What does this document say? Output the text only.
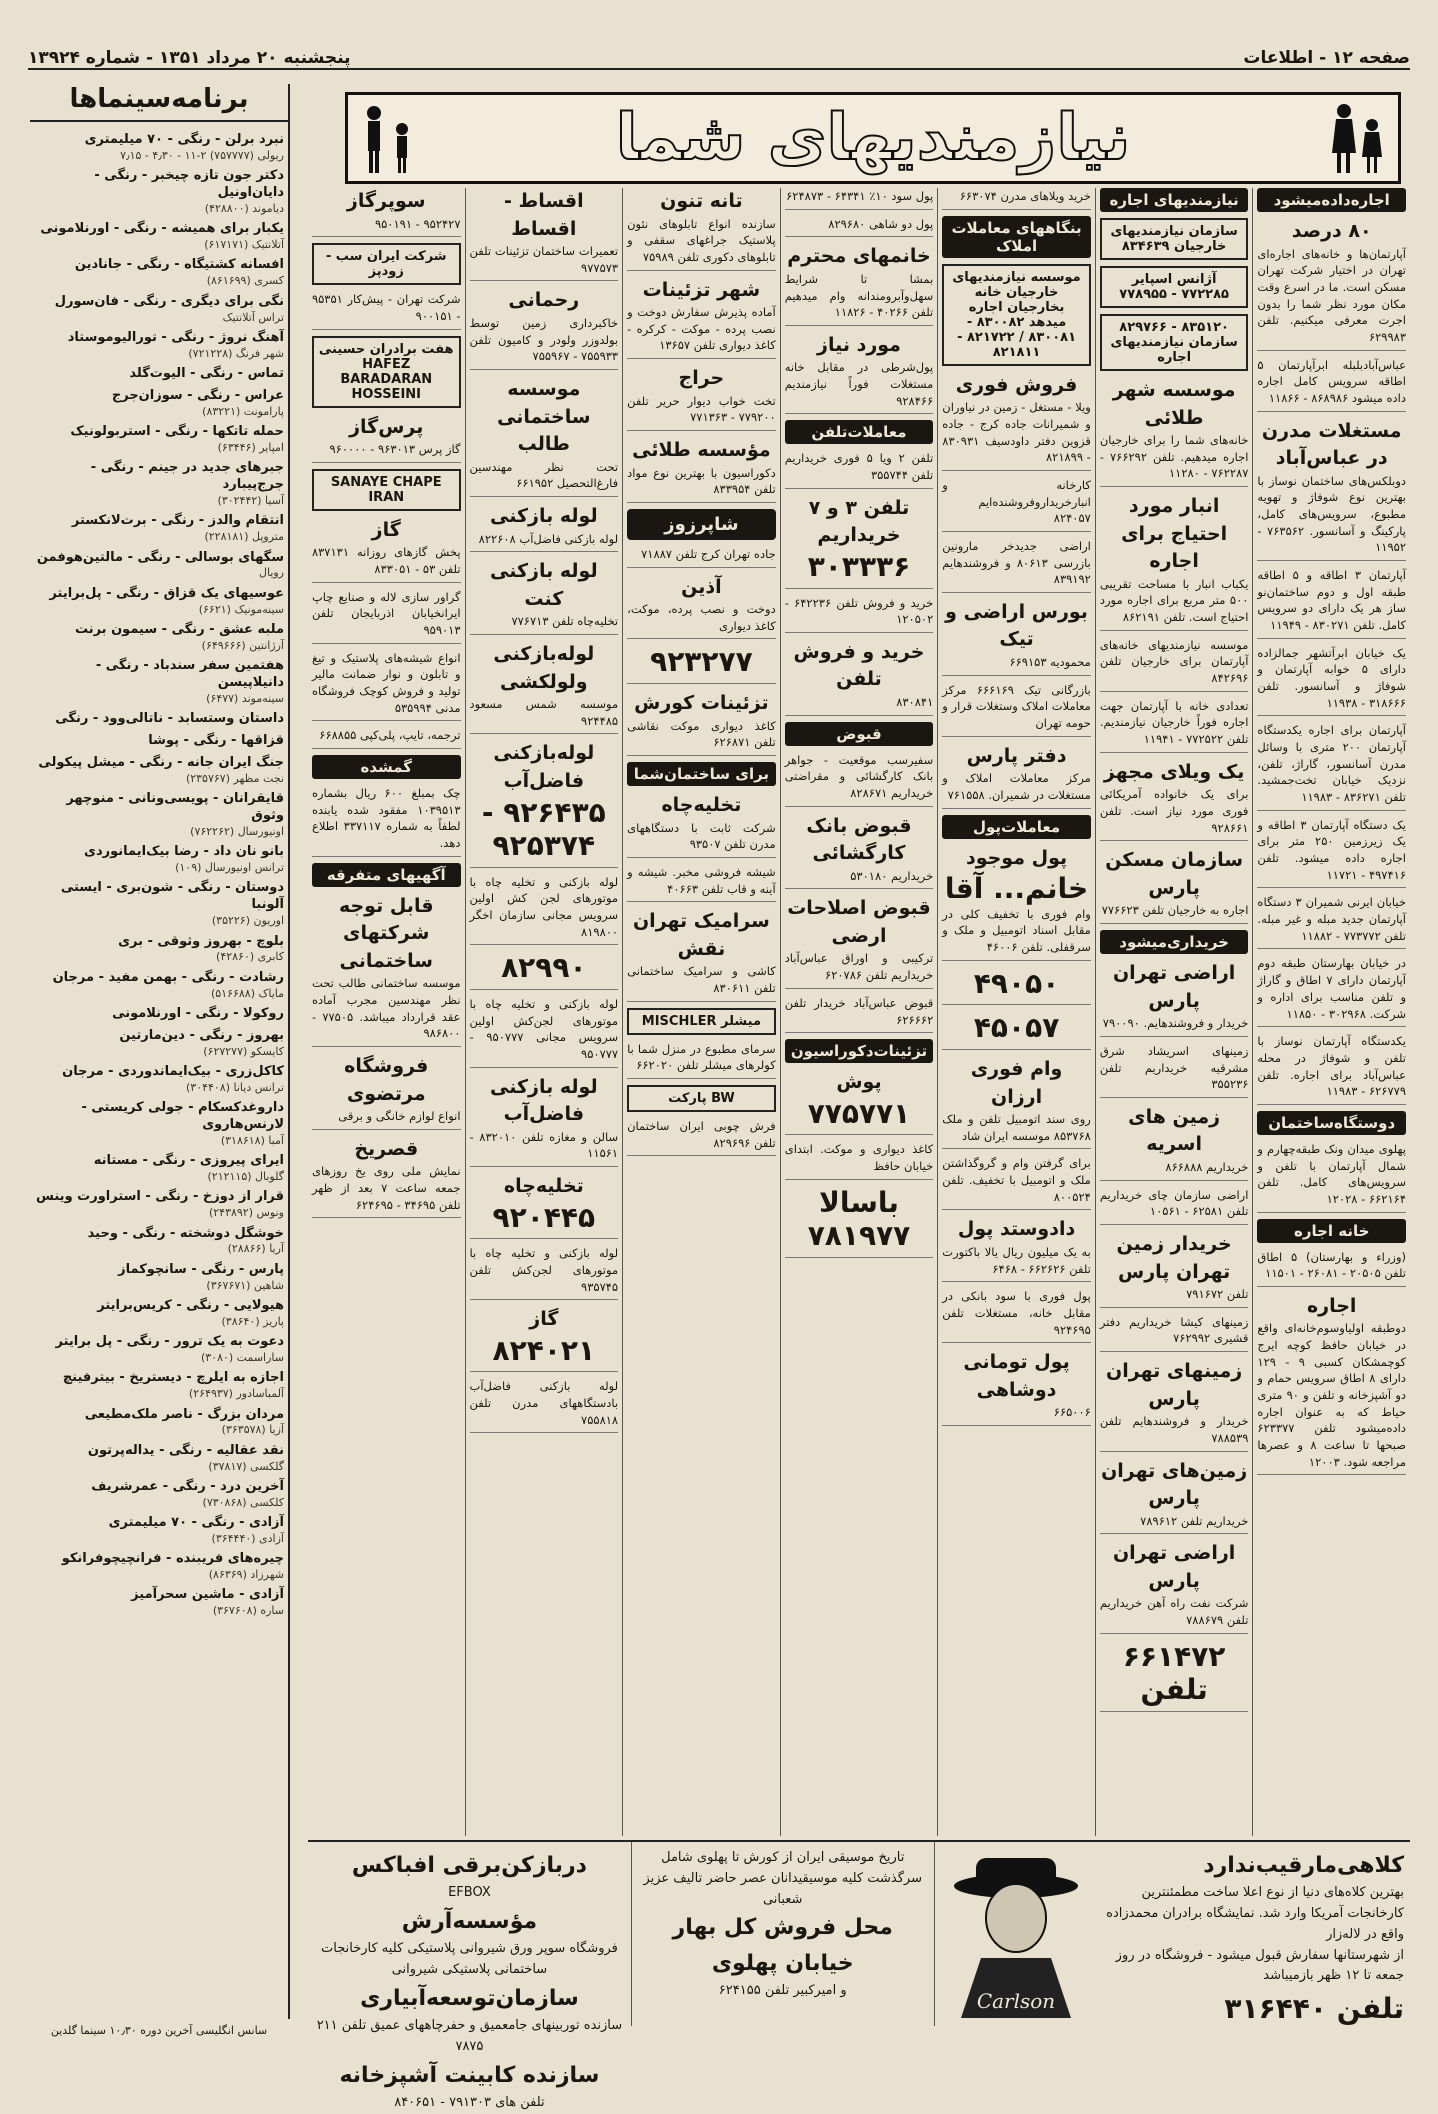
صفحه ۱۲ - اطلاعات
پنجشنبه ۲۰ مرداد ۱۳۵۱ - شماره ۱۳۹۲۴
برنامه‌سینماها
نبرد برلن - رنگی - ۷۰ میلیمتری
ریولی (۷۵۷۷۷۷) ۲-۱۱ - ۴٫۳۰ - ۷٫۱۵
دکتر جون تازه چیخبر - رنگی - دایان‌اونیل
دیاموند (۴۲۸۸۰۰)
یکبار برای همیشه - رنگی - اورنلامونی
آتلانتیک (۶۱۷۱۷۱)
افسانه کشتیگاه - رنگی - جانادین
کسری (۸۶۱۶۹۹)
نگی برای دیگری - رنگی - فان‌سورل
تراس آتلانتیک
آهنگ نروژ - رنگی - تورالیوموستاد
شهر فرنگ (۷۲۱۲۲۸)
تماس - رنگی - الیوت‌گلد
عراس - رنگی - سوزان‌جرج
پارامونت (۸۳۲۲۱)
حمله تاتکها - رنگی - استربولونیک
امپایر (۶۳۴۴۶)
جبرهای جدید در جینم - رنگی - جرج‌پیبارد
آسیا (۳۰۲۴۴۲)
انتقام والدز - رنگی - برت‌لانکستر
متروپل (۲۲۸۱۸۱)
سگهای بوسالی - رنگی - مالتین‌هوفمن
رویال
عوسیهای یک قزاق - رنگی - پل‌برایتر
سینه‌مونیک (۶۶۲۱)
ملبه عشق - رنگی - سیمون برنت
آرژانتین (۶۴۹۶۶۶)
هفتمین سفر سندباد - رنگی - دانیلاپیسن
سینه‌موند (۶۴۷۷)
داستان وستسابد - ناتالی‌وود - رنگی
قزاقها - رنگی - پوشا
جنگ ایران جانه - رنگی - میشل پیکولی
نجت مظهر (۲۳۵۷۶۷)
قایقرانان - پویسی‌ونانی - منوچهر وثوق
اونیورسال (۷۶۲۲۶۲)
بانو نان داد - رضا بیک‌ایمانوردی
ترانس اونیورسال (۱۰۹)
دوستان - رنگی - شون‌بری - ایستی آلونبا
اوریون (۳۵۲۲۶)
بلوچ - بهروز وثوقی - بری
کابری (۴۲۸۶۰)
رشادت - رنگی - بهمن مفید - مرجان
مایاک (۵۱۶۶۸۸)
روکولا - رنگی - اورنلامونی
بهروز - رنگی - دین‌مارتین
کایسکو (۶۲۷۲۷۷)
کاکل‌زری - بیک‌ایماندوردی - مرجان
ترانس دیانا (۳۰۴۴۰۸)
داروغدکسکام - جولی کریستی - لارنس‌هاروی
آمبا (۳۱۸۶۱۸)
ایرای پیروزی - رنگی - مستانه
گلوبال (۲۱۲۱۱۵)
قرار از دوزخ - رنگی - استراورت وینس
ونوس (۲۴۳۸۹۲)
خوشگل دوشخته - رنگی - وحید
آریا (۲۸۸۶۶)
پارس - رنگی - سانچوکماز
شاهین (۳۶۷۶۷۱)
هیولایی - رنگی - کریس‌برایتر
پاریز (۳۸۶۴۰)
دعوت به یک ترور - رنگی - پل برایتر
ساراسمت (۳۰۸۰)
اجازه به ایلرچ - دیستریخ - بیترفینچ
آلمباسادور (۲۶۴۹۳۷)
مردان بزرگ - ناصر ملک‌مطیعی
آزیا (۳۶۳۵۷۸)
نقد عقالیه - رنگی - یداله‌پرتون
گلکسی (۳۷۸۱۷)
آخرین درد - رنگی - عمرشریف
کلکسی (۷۳۰۸۶۸)
آزادی - رنگی - ۷۰ میلیمتری
آزادی (۳۶۴۴۴۰)
چیره‌های فریبنده - فرانچیچوفرانکو
شهرزاد (۸۶۳۶۹)
آزادی - ماشین سحرآمیز
ساره (۳۶۷۶۰۸)
سانس انگلیسی آخرین دوره ۱۰٫۳۰ سینما گلدین
نیازمندیهای شما
اجاره‌داده‌میشود
۸۰ درصد
آپارتمان‌ها و خانه‌های اجاره‌ای تهران در اختیار شرکت تهران مسکن است. ما در اسرع وقت مکان مورد نظر شما را بدون اجرت معرفی میکنیم. تلفن ۶۲۹۹۸۳
عباس‌آباد‌بلبله ابرآپارتمان ۵ اطاقه سرویس کامل اجاره داده میشود ۸۶۸۹۸۶ - ۱۱۸۶۶
مستغلات مدرن در عباس‌آباد
دوبلکس‌های ساختمان نوساز با بهترین نوع شوفاژ و تهویه مطبوع، سرویس‌های کامل، پارکینگ و آسانسور. ۷۶۳۵۶۲ - ۱۱۹۵۲
آپارتمان ۳ اطاقه و ۵ اطاقه طبقه اول و دوم ساختمان‌نو ساز هر یک دارای دو سرویس کامل. تلفن ۸۳۰۲۷۱ - ۱۱۹۴۹
یک خیابان ابرآتشهر جمالزاده دارای ۵ خوابه آپارتمان و شوفاژ و آسانسور. تلفن ۳۱۸۶۶۶ - ۱۱۹۳۸
آپارتمان برای اجاره یکدستگاه آپارتمان ۲۰۰ متری با وسائل مدرن آسانسور، گاراژ، تلفن، نزدیک خیابان تخت‌جمشید. تلفن ۸۳۶۲۷۱ - ۱۱۹۸۳
یک دستگاه آپارتمان ۳ اطاقه و یک زیرزمین ۲۵۰ متر برای اجاره داده میشود. تلفن ۴۹۷۴۱۶ - ۱۱۷۲۱
خیابان ایرنی شمیران ۳ دستگاه آپارتمان جدید مبله و غیر مبله. تلفن ۷۷۳۷۷۲ - ۱۱۸۸۲
در خیابان بهارستان طبقه دوم آپارتمان دارای ۷ اطاق و گاراژ و تلفن مناسب برای اداره و شرکت. ۳۰۲۹۶۸ - ۱۱۸۵۰
یکدستگاه آپارتمان نوساز با تلفن و شوفاژ در محله عباس‌آباد برای اجاره. تلفن ۶۲۶۷۷۹ - ۱۱۹۸۳
دوستگاه‌ساختمان
پهلوی میدان ونک طبقه‌چهارم و شمال آپارتمان با تلفن و سرویس‌های کامل. تلفن ۶۶۲۱۶۴ - ۱۲۰۲۸
خانه اجاره
(وزراء و بهارستان) ۵ اطاق تلفن ۲۰۵۰۵ - ۲۶۰۸۱ - ۱۱۵۰۱
اجاره
دوطبقه اولیاوسوم‌خانه‌ای واقع در خیابان حافظ کوچه ایرج کوچمشکان کسبی ۹ - ۱۲۹ دارای ۸ اطاق سرویس حمام و دو آشپزخانه و تلفن و ۹۰ متری حیاط که به عنوان اجاره داده‌میشود تلفن ۶۲۳۳۷۷ صبحها تا ساعت ۸ و عصرها مراجعه شود. ۱۲۰۰۳
نیازمندیهای اجاره
سازمان نیازمندیهای خارجیان ۸۳۴۶۳۹
آژانس اسپایر ۷۷۲۲۸۵ - ۷۷۸۹۵۵
۸۳۵۱۲۰ - ۸۲۹۷۶۶ سازمان نیازمندیهای اجاره
موسسه شهر طلائی
خانه‌های شما را برای خارجیان اجاره میدهیم. تلفن ۷۶۶۲۹۲ - ۷۶۲۲۸۷ - ۱۱۲۸۰
انبار مورد احتیاج برای اجاره
یکباب انبار با مساحت تقریبی ۵۰۰ متر مربع برای اجاره مورد احتیاج است. تلفن ۸۶۲۱۹۱
موسسه نیازمندیهای خانه‌های آپارتمان برای خارجیان تلفن ۸۴۲۶۹۶
تعدادی خانه با آپارتمان جهت اجاره فوراً خارجیان نیازمندیم. تلفن ۷۷۲۵۲۲ - ۱۱۹۴۱
یک ویلای مجهز
برای یک خانواده آمریکائی فوری مورد نیاز است. تلفن ۹۲۸۶۶۱
سازمان مسکن پارس
اجاره به خارجیان تلفن ۷۷۶۶۲۳
خریداری‌میشود
اراضی تهران پارس
خریدار و فروشندهایم. ۷۹۰۰۹۰
زمینهای اسریشاد شرق مشرقیه خریداریم تلفن ۳۵۵۲۳۶
زمین های اسریه
خریداریم ۸۶۶۸۸۸
اراضی سازمان چای خریداریم تلفن ۶۲۵۸۱ - ۱۰۵۶۱
خریدار زمین تهران پارس
تلفن ۷۹۱۶۷۲
زمینهای کیشا خریداریم دفتر قشیری ۷۶۲۹۹۲
زمینهای تهران پارس
خریدار و فروشندهایم تلفن ۷۸۸۵۳۹
زمین‌های تهران پارس
خریداریم تلفن ۷۸۹۶۱۲
اراضی تهران پارس
شرکت نفت راه آهن خریداریم تلفن ۷۸۸۶۷۹
۶۶۱۴۷۲ تلفن
خرید ویلاهای مدرن ۶۶۳۰۷۴
بنگاههای معاملات املاک
موسسه نیازمندیهای خارجیان خانه بخارجیان اجاره میدهد ۸۳۰۰۸۲ - ۸۳۰۰۸۱ / ۸۲۱۷۲۲ - ۸۲۱۸۱۱
فروش فوری
ویلا - مستغل - زمین در نیاوران و شمیرانات جاده کرج - جاده قزوین دفتر داودسیف ۸۳۰۹۳۱ - ۸۲۱۸۹۹
کارخانه و انبارخریداروفروشنده‌ایم ۸۲۴۰۵۷
اراضی جدیدخر مارونین بازرسی ۸۰۶۱۳ و فروشندهایم ۸۳۹۱۹۲
بورس اراضی و تیک
محمودیه ۶۶۹۱۵۳
بازرگانی تیک ۶۶۶۱۶۹ مرکز معاملات املاک وستغلات قرار و حومه تهران
دفتر پارس
مرکز معاملات املاک و مستغلات در شمیران. ۷۶۱۵۵۸
معاملات‌پول
پول موجود
خانم... آقا
وام فوری با تخفیف کلی در مقابل اسناد اتومبیل و ملک و سرقفلی. تلفن ۴۶۰۰۶
۴۹۰۵۰
۴۵۰۵۷
وام فوری ارزان
روی سند اتومبیل تلفن و ملک ۸۵۳۷۶۸ موسسه ایران شاد
برای گرفتن وام و گروگذاشتن ملک و اتومبیل با تخفیف. تلفن ۸۰۰۵۲۴
دادوستد پول
به یک میلیون ریال یالا باکتورت تلفن ۶۶۲۶۲۶ - ۶۴۶۸
پول فوری با سود بانکی در مقابل خانه، مستغلات تلفن ۹۲۴۶۹۵
پول تومانی دوشاهی
۶۶۵۰۰۶
پول سود ۱۰٪ ۶۴۳۴۱ - ۶۲۴۸۷۳
پول دو شاهی ۸۲۹۶۸۰
خانمهای محترم
بمشا تا شرایط سهل‌وآبرومندانه وام میدهیم تلفن ۴۰۲۶۶ - ۱۱۸۲۶
مورد نیاز
پول‌شرطی در مقابل خانه مستغلات فوراً نیازمندیم ۹۲۸۴۶۶
معاملات‌تلفن
تلفن ۲ ویا ۵ فوری خریداریم تلفن ۳۵۵۷۴۴
تلفن ۳ و ۷ خریداریم
۳۰۳۳۳۶
خرید و فروش تلفن ۶۴۲۲۳۶ - ۱۲۰۵۰۲
خرید و فروش تلفن
۸۳۰۸۴۱
قبوض
سفیرسب موقعیت - جواهر بانک کارگشائی و مقراضتی خریداریم ۸۲۸۶۷۱
قبوض بانک کارگشائی
خریداریم ۵۳۰۱۸۰
قبوض اصلاحات ارضی
ترکیبی و اوراق عباس‌آباد خریداریم تلفن ۶۲۰۷۸۶
قبوض عباس‌آباد خریدار تلفن ۶۲۶۶۶۲
تزئینات‌دکوراسیون
پوش
۷۷۵۷۷۱
کاغذ دیواری و موکت. ابتدای خیابان حافظ
باسالا ۷۸۱۹۷۷
تانه تنون
سازنده انواع تابلوهای نئون پلاستیک جراغهای سقفی و تابلوهای دکوری تلفن ۷۵۹۸۹
شهر تزئینات
آماده پذیرش سفارش دوخت و نصب پرده - موکت - کرکره - کاغذ دیواری تلفن ۱۳۶۵۷
حراج
تخت خواب دیوار حریر تلفن ۷۷۹۲۰۰ - ۷۷۱۳۶۳
مؤسسه طلائی
دکوراسیون با بهترین نوع مواد تلفن ۸۳۳۹۵۴
شاپرزوز
جاده تهران کرج تلفن ۷۱۸۸۷
آذین
دوخت و نصب پرده، موکت، کاغذ دیواری
۹۲۳۲۷۷
تزئینات کورش
کاغذ دیواری موکت نقاشی تلفن ۶۲۶۸۷۱
برای ساختمان‌شما
تخلیه‌چاه
شرکت ثابت با دستگاههای مدرن تلفن ۹۳۵۰۷
شیشه فروشی مخبر. شیشه و آینه و قاب تلفن ۴۰۶۶۳
سرامیک تهران نقش
کاشی و سرامیک ساختمانی تلفن ۸۳۰۶۱۱
میشلر MISCHLER
سرمای مطبوع در منزل شما با کولرهای میشلر تلفن ۶۶۲۰۲۰
BW پارکت
فرش چوبی ایران ساختمان تلفن ۸۲۹۶۹۶
اقساط - اقساط
تعمیرات ساختمان تزئینات تلفن ۹۷۷۵۷۳
رحمانی
خاکبرداری زمین توسط بولدوزر ولودر و کامیون تلفن ۷۵۵۹۳۳ - ۷۵۵۹۶۷
موسسه ساختمانی طالب
تحت نظر مهندسین فارغ‌التحصیل ۶۶۱۹۵۲
لوله بازکنی
لوله بازکنی فاضل‌آب ۸۲۲۶۰۸
لوله بازکنی کنت
تخلیه‌چاه تلفن ۷۷۶۷۱۳
لوله‌بازکنی ولولکشی
موسسه شمس مسعود ۹۲۴۴۸۵
لوله‌بازکنی فاضل‌آب
۹۲۶۴۳۵ - ۹۲۵۳۷۴
لوله بازکنی و تخلیه چاه با موتورهای لجن کش اولین سرویس مجانی سازمان اخگر ۸۱۹۸۰۰
۸۲۹۹۰
لوله بازکنی و تخلیه چاه با موتورهای لجن‌کش اولین سرویس مجانی ۹۵۰۷۷۷ - ۹۵۰۷۷۷
لوله بازکنی فاضل‌آب
سالن و مغازه تلفن ۸۳۲۰۱۰ - ۱۱۵۶۱
تخلیه‌چاه
۹۲۰۴۴۵
لوله بازکنی و تخلیه چاه با موتورهای لجن‌کش تلفن ۹۳۵۷۴۵
گاز
۸۲۴۰۲۱
لوله بازکنی فاضل‌آب بادستگاههای مدرن تلفن ۷۵۵۸۱۸
سوپرگاز
۹۵۲۴۲۷ - ۹۵۰۱۹۱
شرکت ایران سب - زودپز
شرکت تهران - پیش‌کار ۹۵۳۵۱ - ۹۰۰۱۵۱
هفت برادران حسینی HAFEZ BARADARAN HOSSEINI
پرس‌گاز
گاز پرس ۹۶۳۰۱۳ - ۹۶۰۰۰۰
SANAYE CHAPE IRAN
گاز
پخش گازهای روزانه ۸۳۷۱۳۱ تلفن ۵۳ - ۸۳۳۰۵۱
گراور سازی لاله و صنایع چاپ ایرانخیابان اذربایجان تلفن ۹۵۹۰۱۳
انواع شیشه‌های پلاستیک و تیغ و تابلون و نوار ضمانت مالیر تولید و فروش کوچک فروشگاه مدنی ۵۳۵۹۹۴
ترجمه، تایپ، پلی‌کپی ۶۶۸۸۵۵
گمشده
چک بمبلغ ۶۰۰ ریال بشماره ۱۰۳۹۵۱۳ مفقود شده یابنده لطفاً به شماره ۳۳۷۱۱۷ اطلاع دهد.
آگهیهای متفرقه
قابل توجه شرکتهای ساختمانی
موسسه ساختمانی طالب تحت نظر مهندسین مجرب آماده عقد قرارداد میباشد. ۷۷۵۰۵ - ۹۸۶۸۰۰
فروشگاه مرتضوی
انواع لوازم خانگی و برقی
قصریخ
نمایش ملی روی یخ روزهای جمعه ساعت ۷ بعد از ظهر تلفن ۳۴۶۹۵ - ۶۲۴۶۹۵
کلاهی‌مارقیب‌ندارد
بهترین کلاه‌های دنیا از نوع اعلا ساخت مطمئنترین کارخانجات آمریکا وارد شد. نمایشگاه برادران محمدزاده واقع در لاله‌زار
از شهرستانها سفارش قبول میشود - فروشگاه در روز جمعه تا ۱۲ ظهر بازمیباشد
تلفن ۳۱۶۴۴۰
Carlson
تاریخ موسیقی ایران از کورش تا پهلوی شامل سرگذشت کلیه موسیقیدانان عصر حاضر تالیف عزیز شعبانی
محل فروش کل بهار خیابان پهلوی
و امیرکبیر تلفن ۶۲۴۱۵۵
دربازکن‌برقی افباکس
EFBOX
مؤسسه‌آرش
فروشگاه سوپر ورق شیروانی پلاستیکی کلیه کارخانجات ساختمانی پلاستیکی شیروانی
سازمان‌توسعه‌آبیاری
سازنده توربینهای جامعمیق و حفرچاههای عمیق تلفن ۲۱۱ ۷۸۷۵
سازنده کابینت آشپزخانه
تلفن های ۷۹۱۳۰۳ - ۸۴۰۶۵۱
